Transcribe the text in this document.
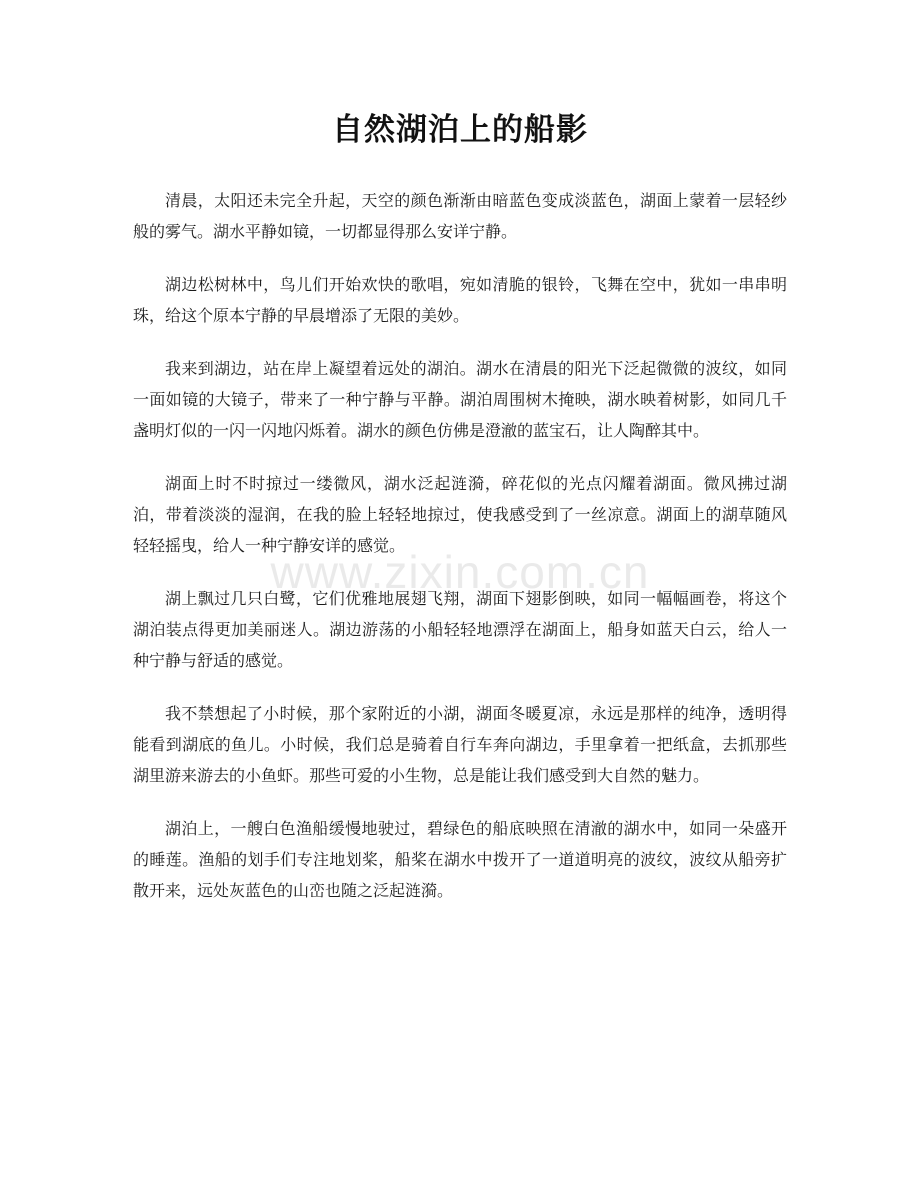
自然湖泊上的船影

清晨，太阳还未完全升起，天空的颜色渐渐由暗蓝色变成淡蓝色，湖面上蒙着一层轻纱般的雾气。湖水平静如镜，一切都显得那么安详宁静。

湖边松树林中，鸟儿们开始欢快的歌唱，宛如清脆的银铃，飞舞在空中，犹如一串串明珠，给这个原本宁静的早晨增添了无限的美妙。

我来到湖边，站在岸上凝望着远处的湖泊。湖水在清晨的阳光下泛起微微的波纹，如同一面如镜的大镜子，带来了一种宁静与平静。湖泊周围树木掩映，湖水映着树影，如同几千盏明灯似的一闪一闪地闪烁着。湖水的颜色仿佛是澄澈的蓝宝石，让人陶醉其中。

湖面上时不时掠过一缕微风，湖水泛起涟漪，碎花似的光点闪耀着湖面。微风拂过湖泊，带着淡淡的湿润，在我的脸上轻轻地掠过，使我感受到了一丝凉意。湖面上的湖草随风轻轻摇曳，给人一种宁静安详的感觉。

湖上飘过几只白鹭，它们优雅地展翅飞翔，湖面下翅影倒映，如同一幅幅画卷，将这个湖泊装点得更加美丽迷人。湖边游荡的小船轻轻地漂浮在湖面上，船身如蓝天白云，给人一种宁静与舒适的感觉。

我不禁想起了小时候，那个家附近的小湖，湖面冬暖夏凉，永远是那样的纯净，透明得能看到湖底的鱼儿。小时候，我们总是骑着自行车奔向湖边，手里拿着一把纸盒，去抓那些湖里游来游去的小鱼虾。那些可爱的小生物，总是能让我们感受到大自然的魅力。

湖泊上，一艘白色渔船缓慢地驶过，碧绿色的船底映照在清澈的湖水中，如同一朵盛开的睡莲。渔船的划手们专注地划桨，船桨在湖水中拨开了一道道明亮的波纹，波纹从船旁扩散开来，远处灰蓝色的山峦也随之泛起涟漪。

www.zixin.com.cn
